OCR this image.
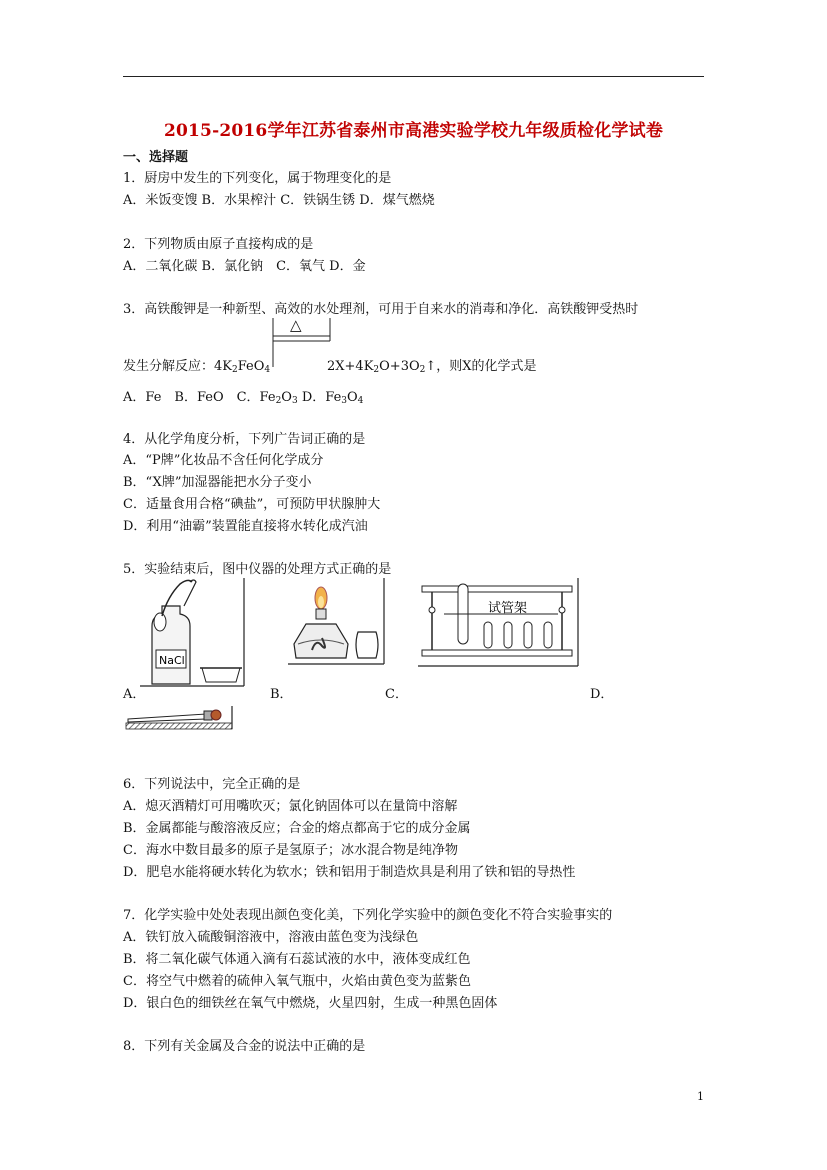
2015-2016学年江苏省泰州市高港实验学校九年级质检化学试卷
一、选择题
1．厨房中发生的下列变化，属于物理变化的是
A．米饭变馊 B．水果榨汁 C．铁锅生锈 D．煤气燃烧
2．下列物质由原子直接构成的是
A．二氧化碳 B．氯化钠　C．氧气 D．金
3．高铁酸钾是一种新型、高效的水处理剂，可用于自来水的消毒和净化．高铁酸钾受热时
△
发生分解反应：$4K_2FeO_4$	$2X+4K_2O+3O_2↑$，则X的化学式是
A．Fe　B．FeO　C．$Fe_2O_3$ D．$Fe_3O_4$
4．从化学角度分析，下列广告词正确的是
A．“P牌”化妆品不含任何化学成分
B．“X牌”加湿器能把水分子变小
C．适量食用合格“碘盐”，可预防甲状腺肿大
D．利用“油霸”装置能直接将水转化成汽油
5．实验结束后，图中仪器的处理方式正确的是
NaCl
试管架
A．	B．	C．	D．
6．下列说法中，完全正确的是
A．熄灭酒精灯可用嘴吹灭；氯化钠固体可以在量筒中溶解
B．金属都能与酸溶液反应；合金的熔点都高于它的成分金属
C．海水中数目最多的原子是氢原子；冰水混合物是纯净物
D．肥皂水能将硬水转化为软水；铁和铝用于制造炊具是利用了铁和铝的导热性
7．化学实验中处处表现出颜色变化美，下列化学实验中的颜色变化不符合实验事实的
A．铁钉放入硫酸铜溶液中，溶液由蓝色变为浅绿色
B．将二氧化碳气体通入滴有石蕊试液的水中，液体变成红色
C．将空气中燃着的硫伸入氧气瓶中，火焰由黄色变为蓝紫色
D．银白色的细铁丝在氧气中燃烧，火星四射，生成一种黑色固体
8．下列有关金属及合金的说法中正确的是
1
